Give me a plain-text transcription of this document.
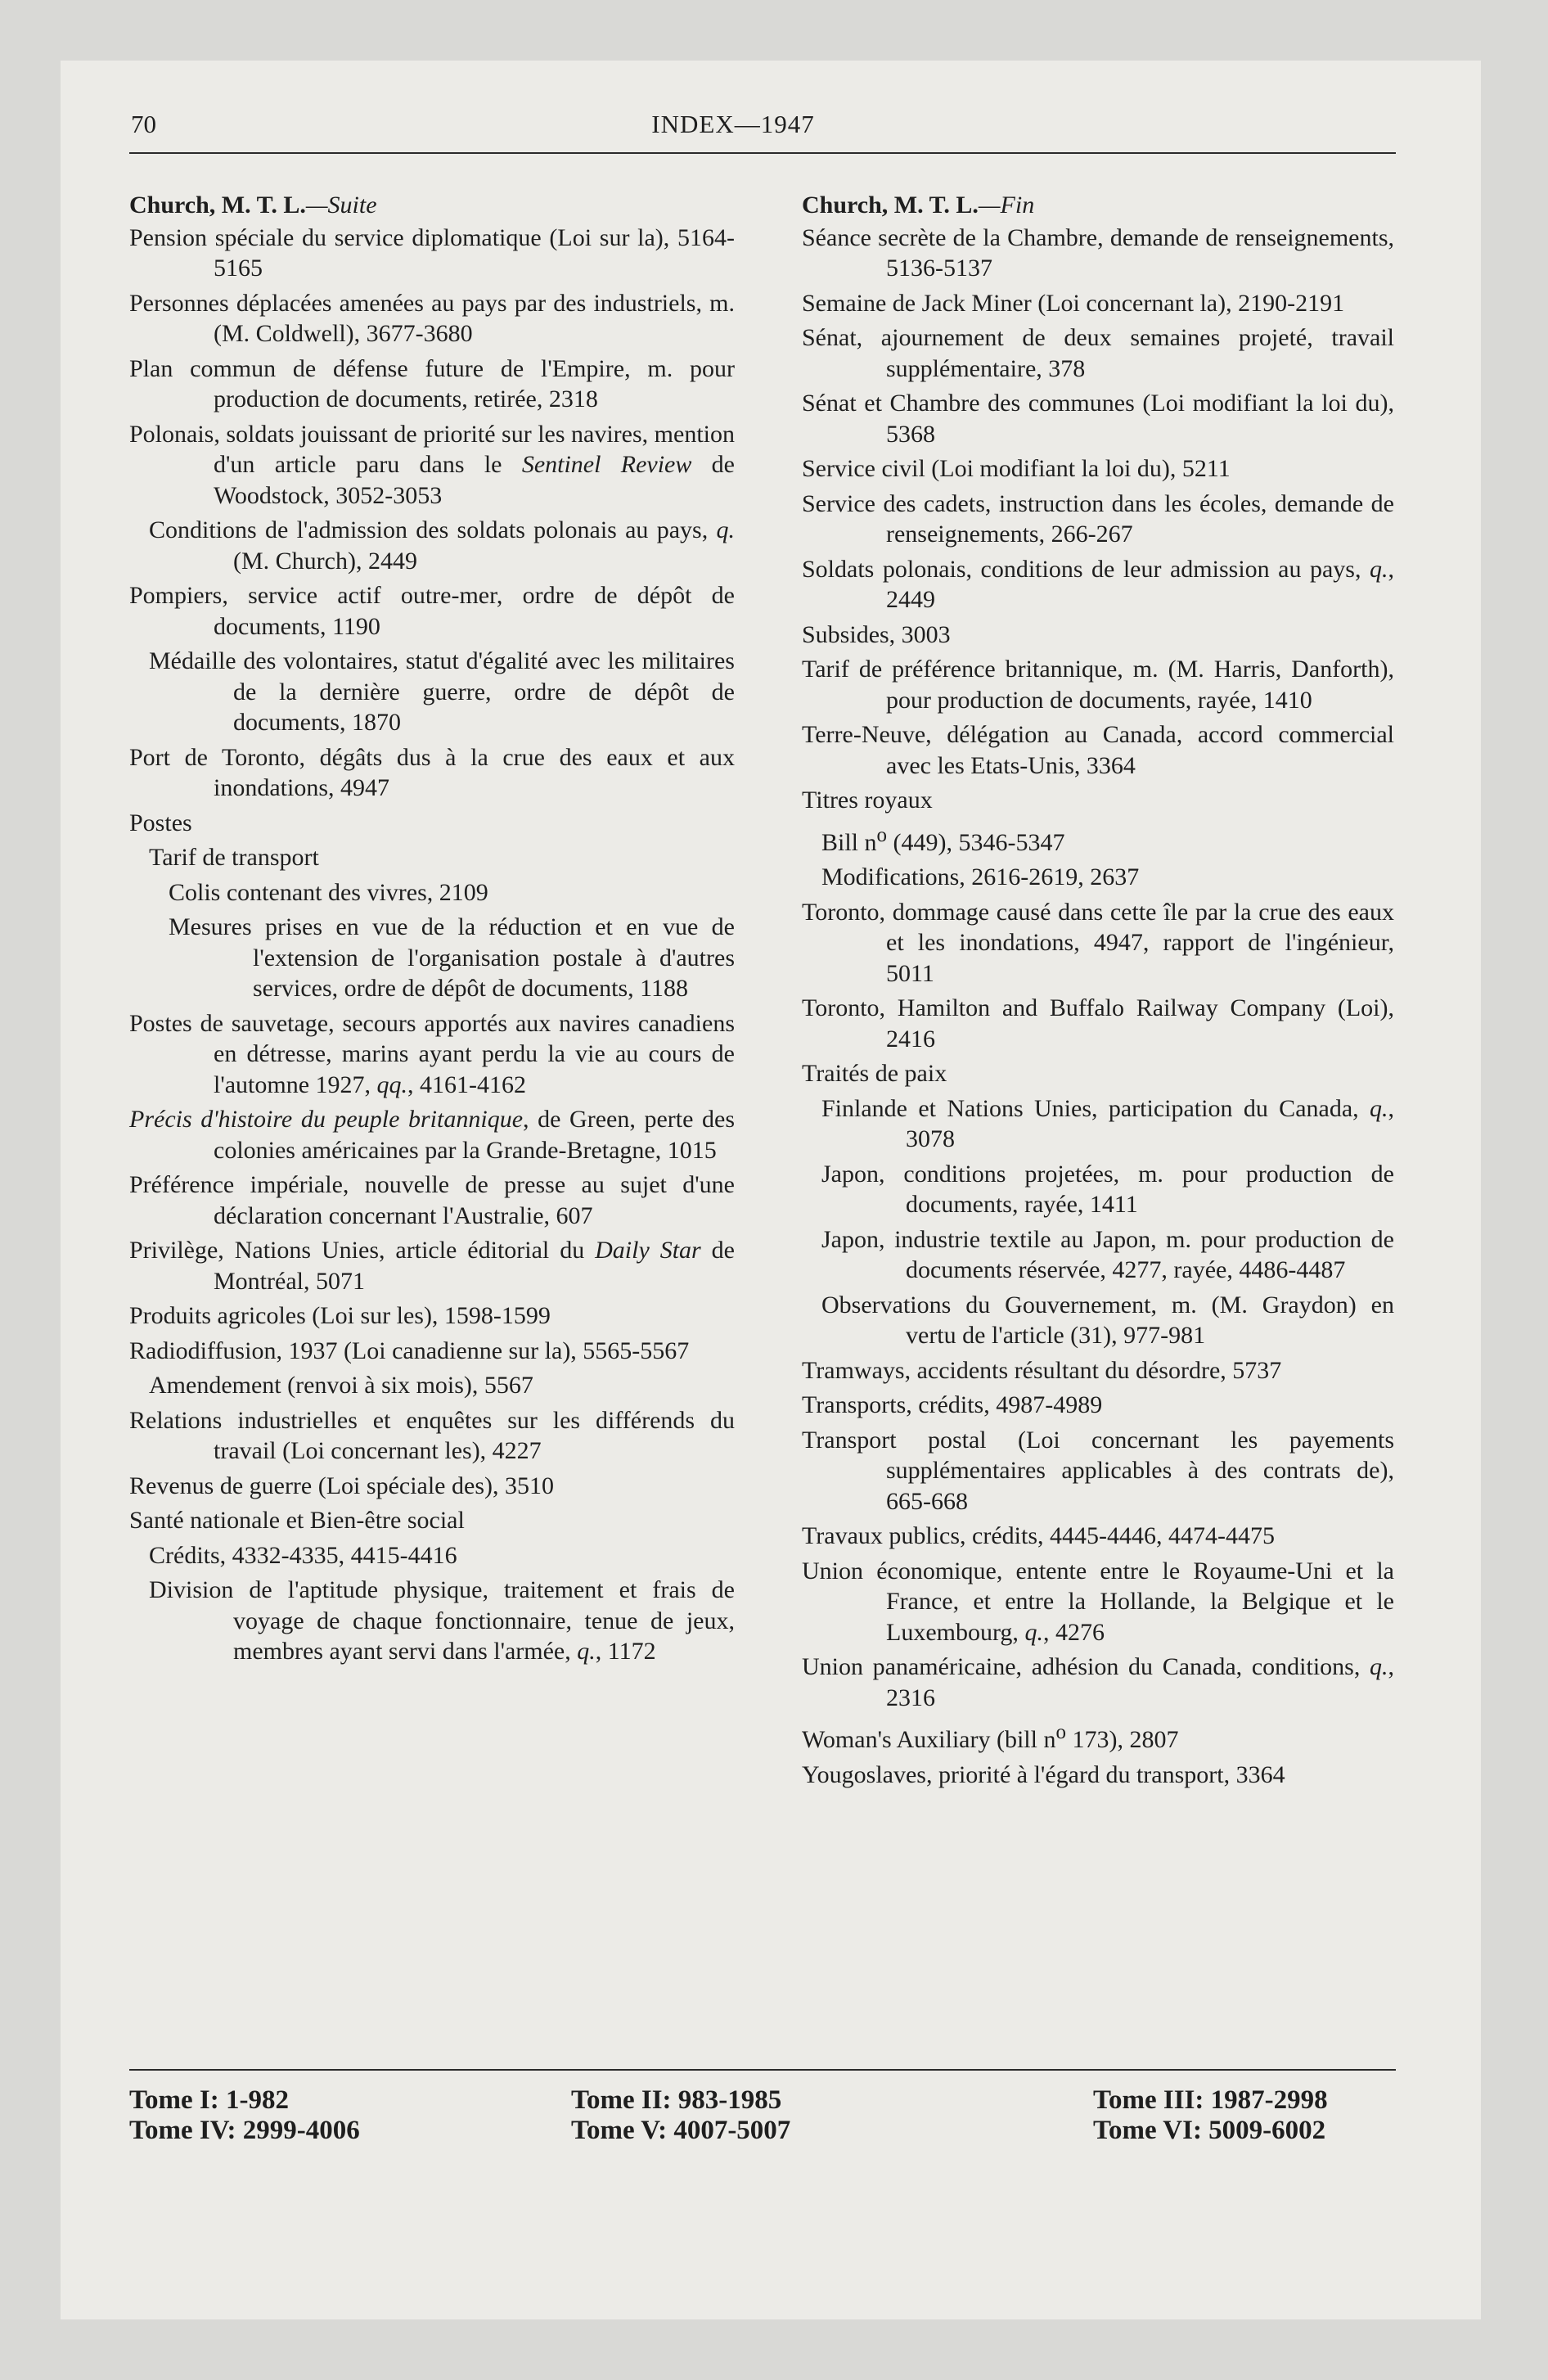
70	INDEX—1947
Church, M. T. L.—Suite
Pension spéciale du service diplomatique (Loi sur la), 5164-5165
Personnes déplacées amenées au pays par des industriels, m. (M. Coldwell), 3677-3680
Plan commun de défense future de l'Empire, m. pour production de documents, retirée, 2318
Polonais, soldats jouissant de priorité sur les navires, mention d'un article paru dans le Sentinel Review de Woodstock, 3052-3053
Conditions de l'admission des soldats polonais au pays, q. (M. Church), 2449
Pompiers, service actif outre-mer, ordre de dépôt de documents, 1190
Médaille des volontaires, statut d'égalité avec les militaires de la dernière guerre, ordre de dépôt de documents, 1870
Port de Toronto, dégâts dus à la crue des eaux et aux inondations, 4947
Postes
Tarif de transport
Colis contenant des vivres, 2109
Mesures prises en vue de la réduction et en vue de l'extension de l'organisation postale à d'autres services, ordre de dépôt de documents, 1188
Postes de sauvetage, secours apportés aux navires canadiens en détresse, marins ayant perdu la vie au cours de l'automne 1927, qq., 4161-4162
Précis d'histoire du peuple britannique, de Green, perte des colonies américaines par la Grande-Bretagne, 1015
Préférence impériale, nouvelle de presse au sujet d'une déclaration concernant l'Australie, 607
Privilège, Nations Unies, article éditorial du Daily Star de Montréal, 5071
Produits agricoles (Loi sur les), 1598-1599
Radiodiffusion, 1937 (Loi canadienne sur la), 5565-5567
Amendement (renvoi à six mois), 5567
Relations industrielles et enquêtes sur les différends du travail (Loi concernant les), 4227
Revenus de guerre (Loi spéciale des), 3510
Santé nationale et Bien-être social
Crédits, 4332-4335, 4415-4416
Division de l'aptitude physique, traitement et frais de voyage de chaque fonctionnaire, tenue de jeux, membres ayant servi dans l'armée, q., 1172
Church, M. T. L.—Fin
Séance secrète de la Chambre, demande de renseignements, 5136-5137
Semaine de Jack Miner (Loi concernant la), 2190-2191
Sénat, ajournement de deux semaines projeté, travail supplémentaire, 378
Sénat et Chambre des communes (Loi modifiant la loi du), 5368
Service civil (Loi modifiant la loi du), 5211
Service des cadets, instruction dans les écoles, demande de renseignements, 266-267
Soldats polonais, conditions de leur admission au pays, q., 2449
Subsides, 3003
Tarif de préférence britannique, m. (M. Harris, Danforth), pour production de documents, rayée, 1410
Terre-Neuve, délégation au Canada, accord commercial avec les Etats-Unis, 3364
Titres royaux
Bill $n^o$ (449), 5346-5347
Modifications, 2616-2619, 2637
Toronto, dommage causé dans cette île par la crue des eaux et les inondations, 4947, rapport de l'ingénieur, 5011
Toronto, Hamilton and Buffalo Railway Company (Loi), 2416
Traités de paix
Finlande et Nations Unies, participation du Canada, q., 3078
Japon, conditions projetées, m. pour production de documents, rayée, 1411
Japon, industrie textile au Japon, m. pour production de documents réservée, 4277, rayée, 4486-4487
Observations du Gouvernement, m. (M. Graydon) en vertu de l'article (31), 977-981
Tramways, accidents résultant du désordre, 5737
Transports, crédits, 4987-4989
Transport postal (Loi concernant les payements supplémentaires applicables à des contrats de), 665-668
Travaux publics, crédits, 4445-4446, 4474-4475
Union économique, entente entre le Royaume-Uni et la France, et entre la Hollande, la Belgique et le Luxembourg, q., 4276
Union panaméricaine, adhésion du Canada, conditions, q., 2316
Woman's Auxiliary (bill $n^o$ 173), 2807
Yougoslaves, priorité à l'égard du transport, 3364
Tome I: 1-982
Tome IV: 2999-4006
Tome II: 983-1985
Tome V: 4007-5007
Tome III: 1987-2998
Tome VI: 5009-6002
